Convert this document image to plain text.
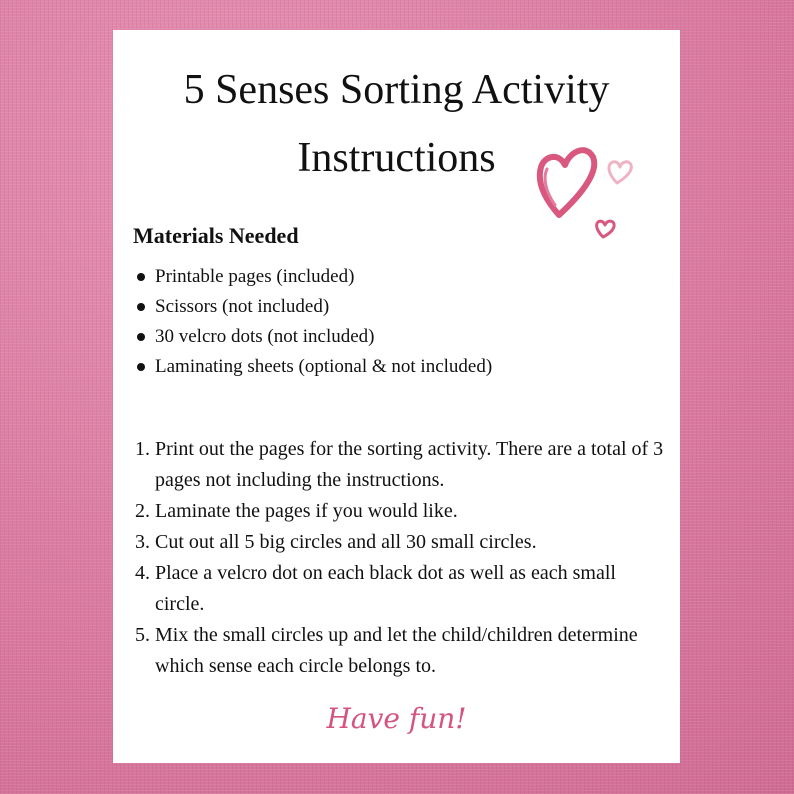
5 Senses Sorting Activity
Instructions
Materials Needed
Printable pages (included)
Scissors (not included)
30 velcro dots (not included)
Laminating sheets (optional & not included)
1. Print out the pages for the sorting activity. There are a total of 3 pages not including the instructions.
2. Laminate the pages if you would like.
3. Cut out all 5 big circles and all 30 small circles.
4. Place a velcro dot on each black dot as well as each small circle.
5. Mix the small circles up and let the child/children determine which sense each circle belongs to.
Have fun!
